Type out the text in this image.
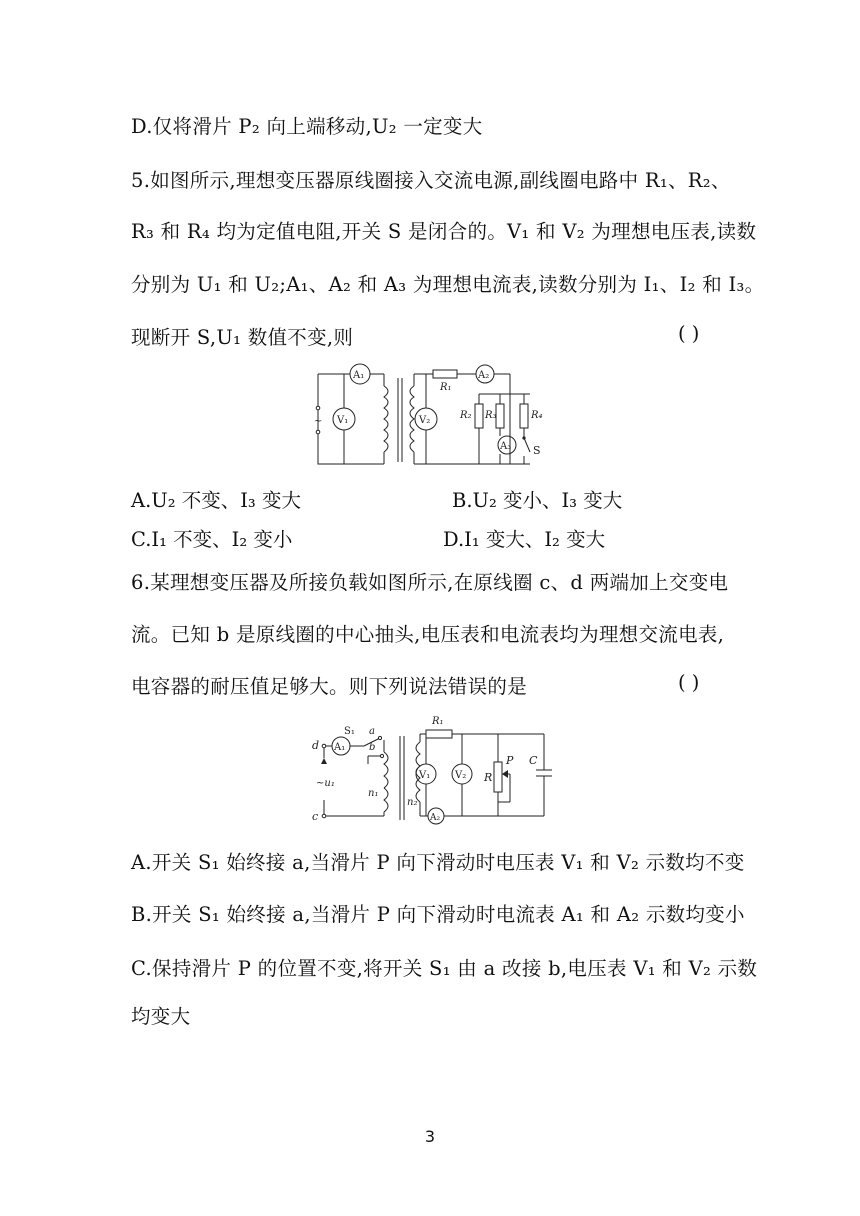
D.仅将滑片 P₂ 向上端移动,U₂ 一定变大
5.如图所示,理想变压器原线圈接入交流电源,副线圈电路中 R₁、R₂、
R₃ 和 R₄ 均为定值电阻,开关 S 是闭合的。V₁ 和 V₂ 为理想电压表,读数
分别为 U₁ 和 U₂;A₁、A₂ 和 A₃ 为理想电流表,读数分别为 I₁、I₂ 和 I₃。
现断开 S,U₁ 数值不变,则	( )
~
A₁
V₁	V₂
R₁
A₂
R₂ R₃	R₄
A₃ S
A.U₂ 不变、I₃ 变大	B.U₂ 变小、I₃ 变大
C.I₁ 不变、I₂ 变小	D.I₁ 变大、I₂ 变大
6.某理想变压器及所接负载如图所示,在原线圈 c、d 两端加上交变电
流。已知 b 是原线圈的中心抽头,电压表和电流表均为理想交流电表,
电容器的耐压值足够大。则下列说法错误的是	( )
d
c
A₁
S₁ a
b
~u₁
n₁
n₂
R₁
V₁ V₂ R
P C
A₂
A.开关 S₁ 始终接 a,当滑片 P 向下滑动时电压表 V₁ 和 V₂ 示数均不变
B.开关 S₁ 始终接 a,当滑片 P 向下滑动时电流表 A₁ 和 A₂ 示数均变小
C.保持滑片 P 的位置不变,将开关 S₁ 由 a 改接 b,电压表 V₁ 和 V₂ 示数
均变大
3
